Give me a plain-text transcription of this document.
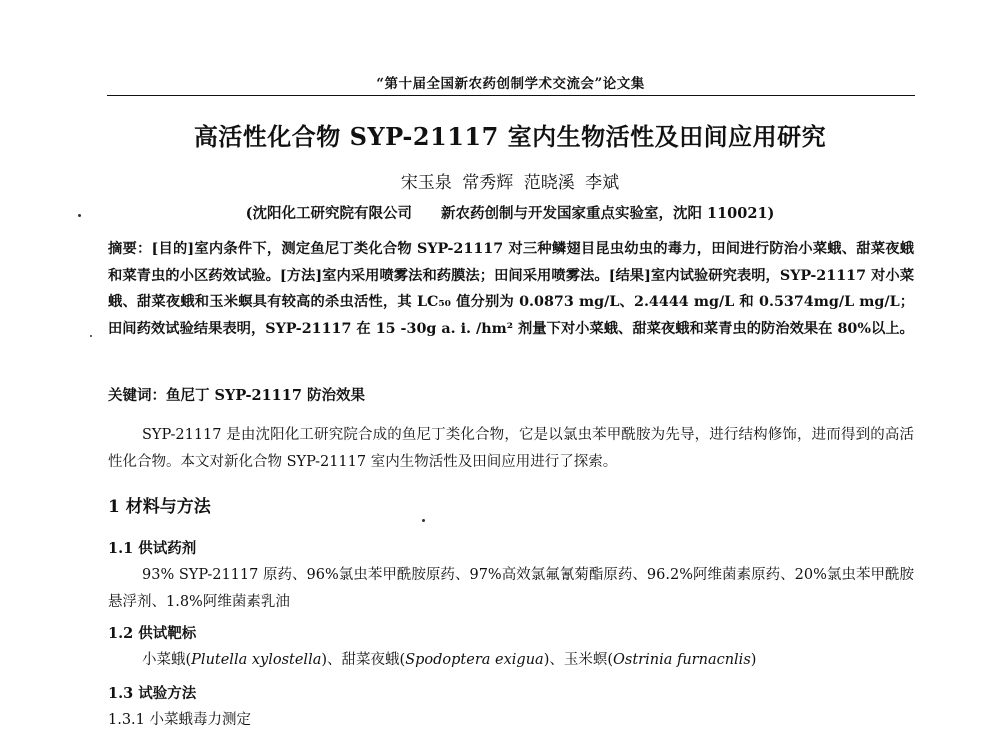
“第十届全国新农药创制学术交流会”论文集
高活性化合物 SYP-21117 室内生物活性及田间应用研究
宋玉泉 常秀辉 范晓溪 李斌
(沈阳化工研究院有限公司　　新农药创制与开发国家重点实验室，沈阳 110021)
摘要：[目的]室内条件下，测定鱼尼丁类化合物 SYP-21117 对三种鳞翅目昆虫幼虫的毒力，田间进行防治小菜蛾、甜菜夜蛾和菜青虫的小区药效试验。[方法]室内采用喷雾法和药膜法；田间采用喷雾法。[结果]室内试验研究表明，SYP-21117 对小菜蛾、甜菜夜蛾和玉米螟具有较高的杀虫活性，其 LC₅₀ 值分别为 0.0873 mg/L、2.4444 mg/L 和 0.5374mg/L mg/L；田间药效试验结果表明，SYP-21117 在 15 -30g a. i. /hm² 剂量下对小菜蛾、甜菜夜蛾和菜青虫的防治效果在 80%以上。
关键词：鱼尼丁 SYP-21117 防治效果
SYP-21117 是由沈阳化工研究院合成的鱼尼丁类化合物，它是以氯虫苯甲酰胺为先导，进行结构修饰，进而得到的高活性化合物。本文对新化合物 SYP-21117 室内生物活性及田间应用进行了探索。
1 材料与方法
1.1 供试药剂
93% SYP-21117 原药、96%氯虫苯甲酰胺原药、97%高效氯氟氰菊酯原药、96.2%阿维菌素原药、20%氯虫苯甲酰胺悬浮剂、1.8%阿维菌素乳油
1.2 供试靶标
小菜蛾(Plutella xylostella)、甜菜夜蛾(Spodoptera exigua)、玉米螟(Ostrinia furnacnlis)
1.3 试验方法
1.3.1 小菜蛾毒力测定
